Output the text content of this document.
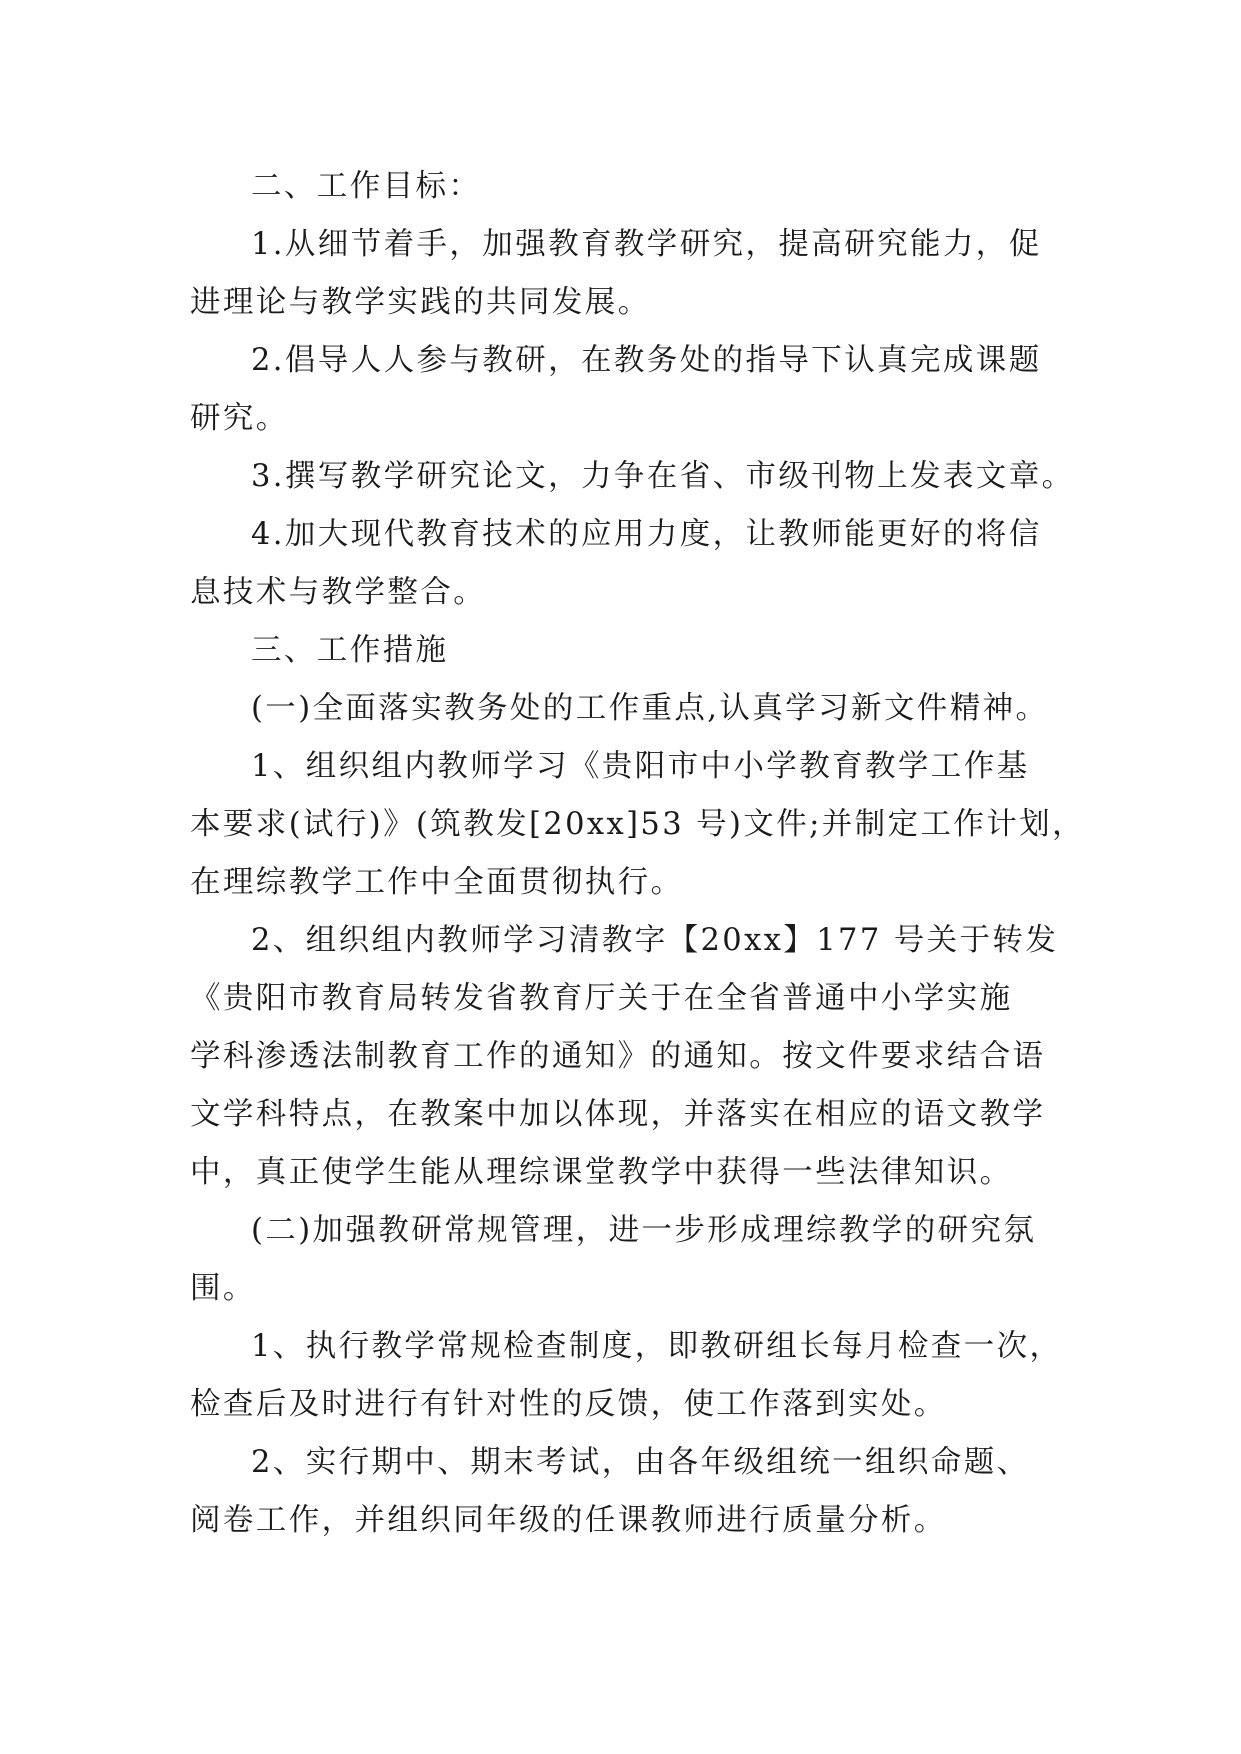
二、工作目标：

1.从细节着手，加强教育教学研究，提高研究能力，促
进理论与教学实践的共同发展。

2.倡导人人参与教研，在教务处的指导下认真完成课题
研究。

3.撰写教学研究论文，力争在省、市级刊物上发表文章。

4.加大现代教育技术的应用力度，让教师能更好的将信
息技术与教学整合。

三、工作措施

(一)全面落实教务处的工作重点,认真学习新文件精神。

1、组织组内教师学习《贵阳市中小学教育教学工作基
本要求(试行)》(筑教发[20xx]53 号)文件;并制定工作计划，
在理综教学工作中全面贯彻执行。

2、组织组内教师学习清教字【20xx】177 号关于转发
《贵阳市教育局转发省教育厅关于在全省普通中小学实施
学科渗透法制教育工作的通知》的通知。按文件要求结合语
文学科特点，在教案中加以体现，并落实在相应的语文教学
中，真正使学生能从理综课堂教学中获得一些法律知识。

(二)加强教研常规管理，进一步形成理综教学的研究氛
围。

1、执行教学常规检查制度，即教研组长每月检查一次，
检查后及时进行有针对性的反馈，使工作落到实处。

2、实行期中、期末考试，由各年级组统一组织命题、
阅卷工作，并组织同年级的任课教师进行质量分析。
